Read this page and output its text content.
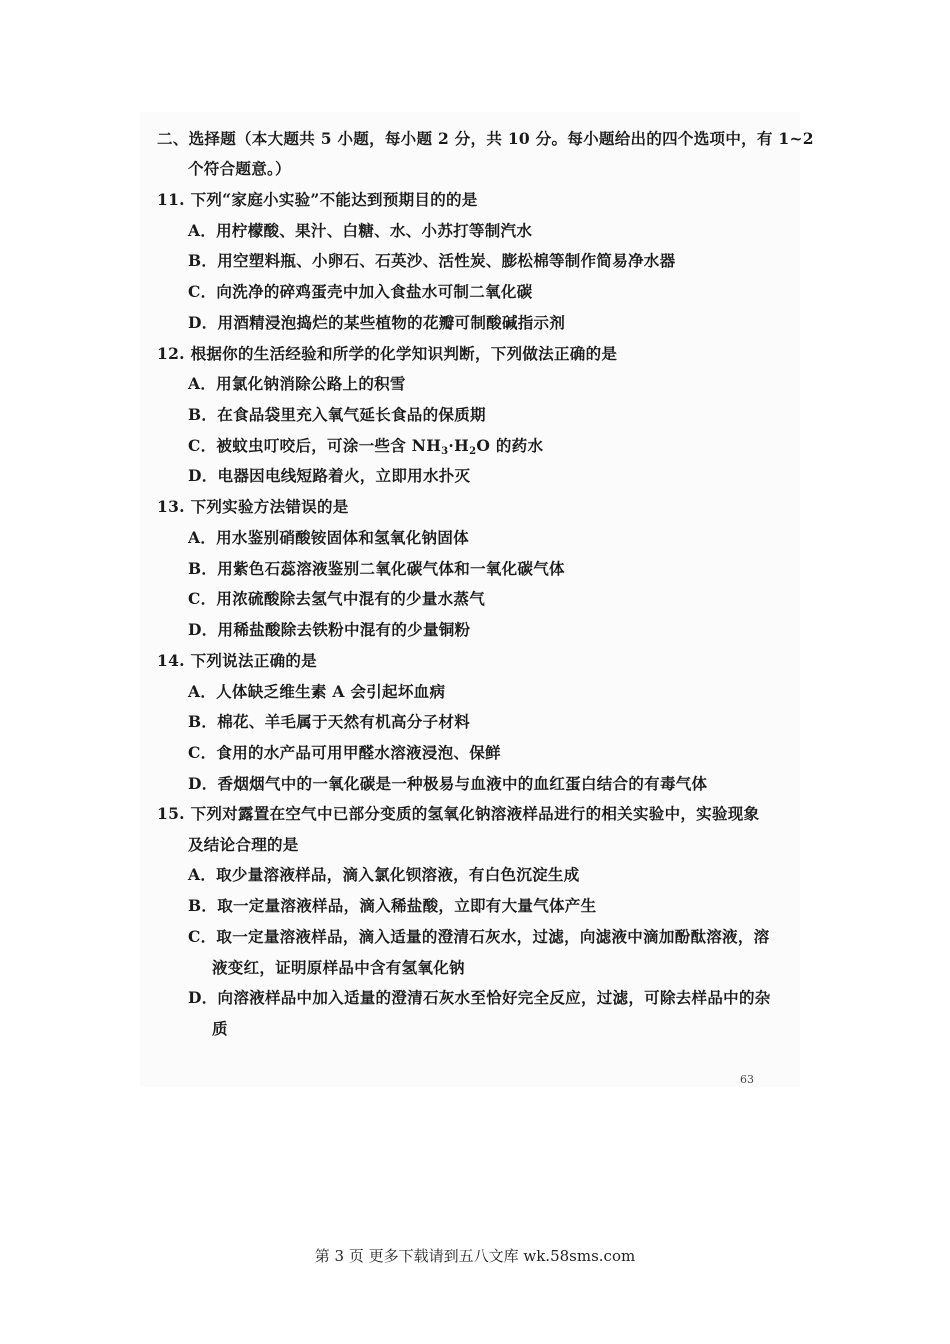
二、选择题（本大题共 5 小题，每小题 2 分，共 10 分。每小题给出的四个选项中，有 1~2
个符合题意。）
11. 下列“家庭小实验”不能达到预期目的的是
A．用柠檬酸、果汁、白糖、水、小苏打等制汽水
B．用空塑料瓶、小卵石、石英沙、活性炭、膨松棉等制作简易净水器
C．向洗净的碎鸡蛋壳中加入食盐水可制二氧化碳
D．用酒精浸泡捣烂的某些植物的花瓣可制酸碱指示剂
12. 根据你的生活经验和所学的化学知识判断，下列做法正确的是
A．用氯化钠消除公路上的积雪
B．在食品袋里充入氧气延长食品的保质期
C．被蚊虫叮咬后，可涂一些含 $NH_3\cdot H_2O$ 的药水
D．电器因电线短路着火，立即用水扑灭
13. 下列实验方法错误的是
A．用水鉴别硝酸铵固体和氢氧化钠固体
B．用紫色石蕊溶液鉴别二氧化碳气体和一氧化碳气体
C．用浓硫酸除去氢气中混有的少量水蒸气
D．用稀盐酸除去铁粉中混有的少量铜粉
14. 下列说法正确的是
A．人体缺乏维生素 A 会引起坏血病
B．棉花、羊毛属于天然有机高分子材料
C．食用的水产品可用甲醛水溶液浸泡、保鲜
D．香烟烟气中的一氧化碳是一种极易与血液中的血红蛋白结合的有毒气体
15. 下列对露置在空气中已部分变质的氢氧化钠溶液样品进行的相关实验中，实验现象
及结论合理的是
A．取少量溶液样品，滴入氯化钡溶液，有白色沉淀生成
B．取一定量溶液样品，滴入稀盐酸，立即有大量气体产生
C．取一定量溶液样品，滴入适量的澄清石灰水，过滤，向滤液中滴加酚酞溶液，溶
液变红，证明原样品中含有氢氧化钠
D．向溶液样品中加入适量的澄清石灰水至恰好完全反应，过滤，可除去样品中的杂
质
63
第 3 页 更多下载请到五八文库 wk.58sms.com
